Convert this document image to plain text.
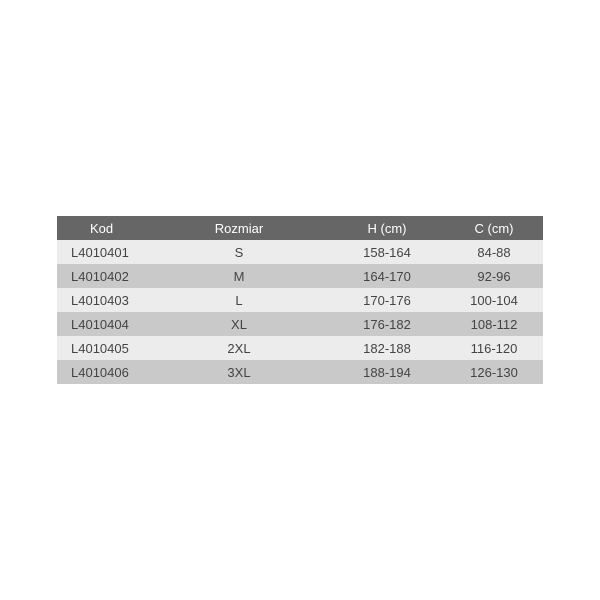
Kod	Rozmiar	H (cm)	C (cm)
L4010401	S	158-164	84-88
L4010402	M	164-170	92-96
L4010403	L	170-176	100-104
L4010404	XL	176-182	108-112
L4010405	2XL	182-188	116-120
L4010406	3XL	188-194	126-130
